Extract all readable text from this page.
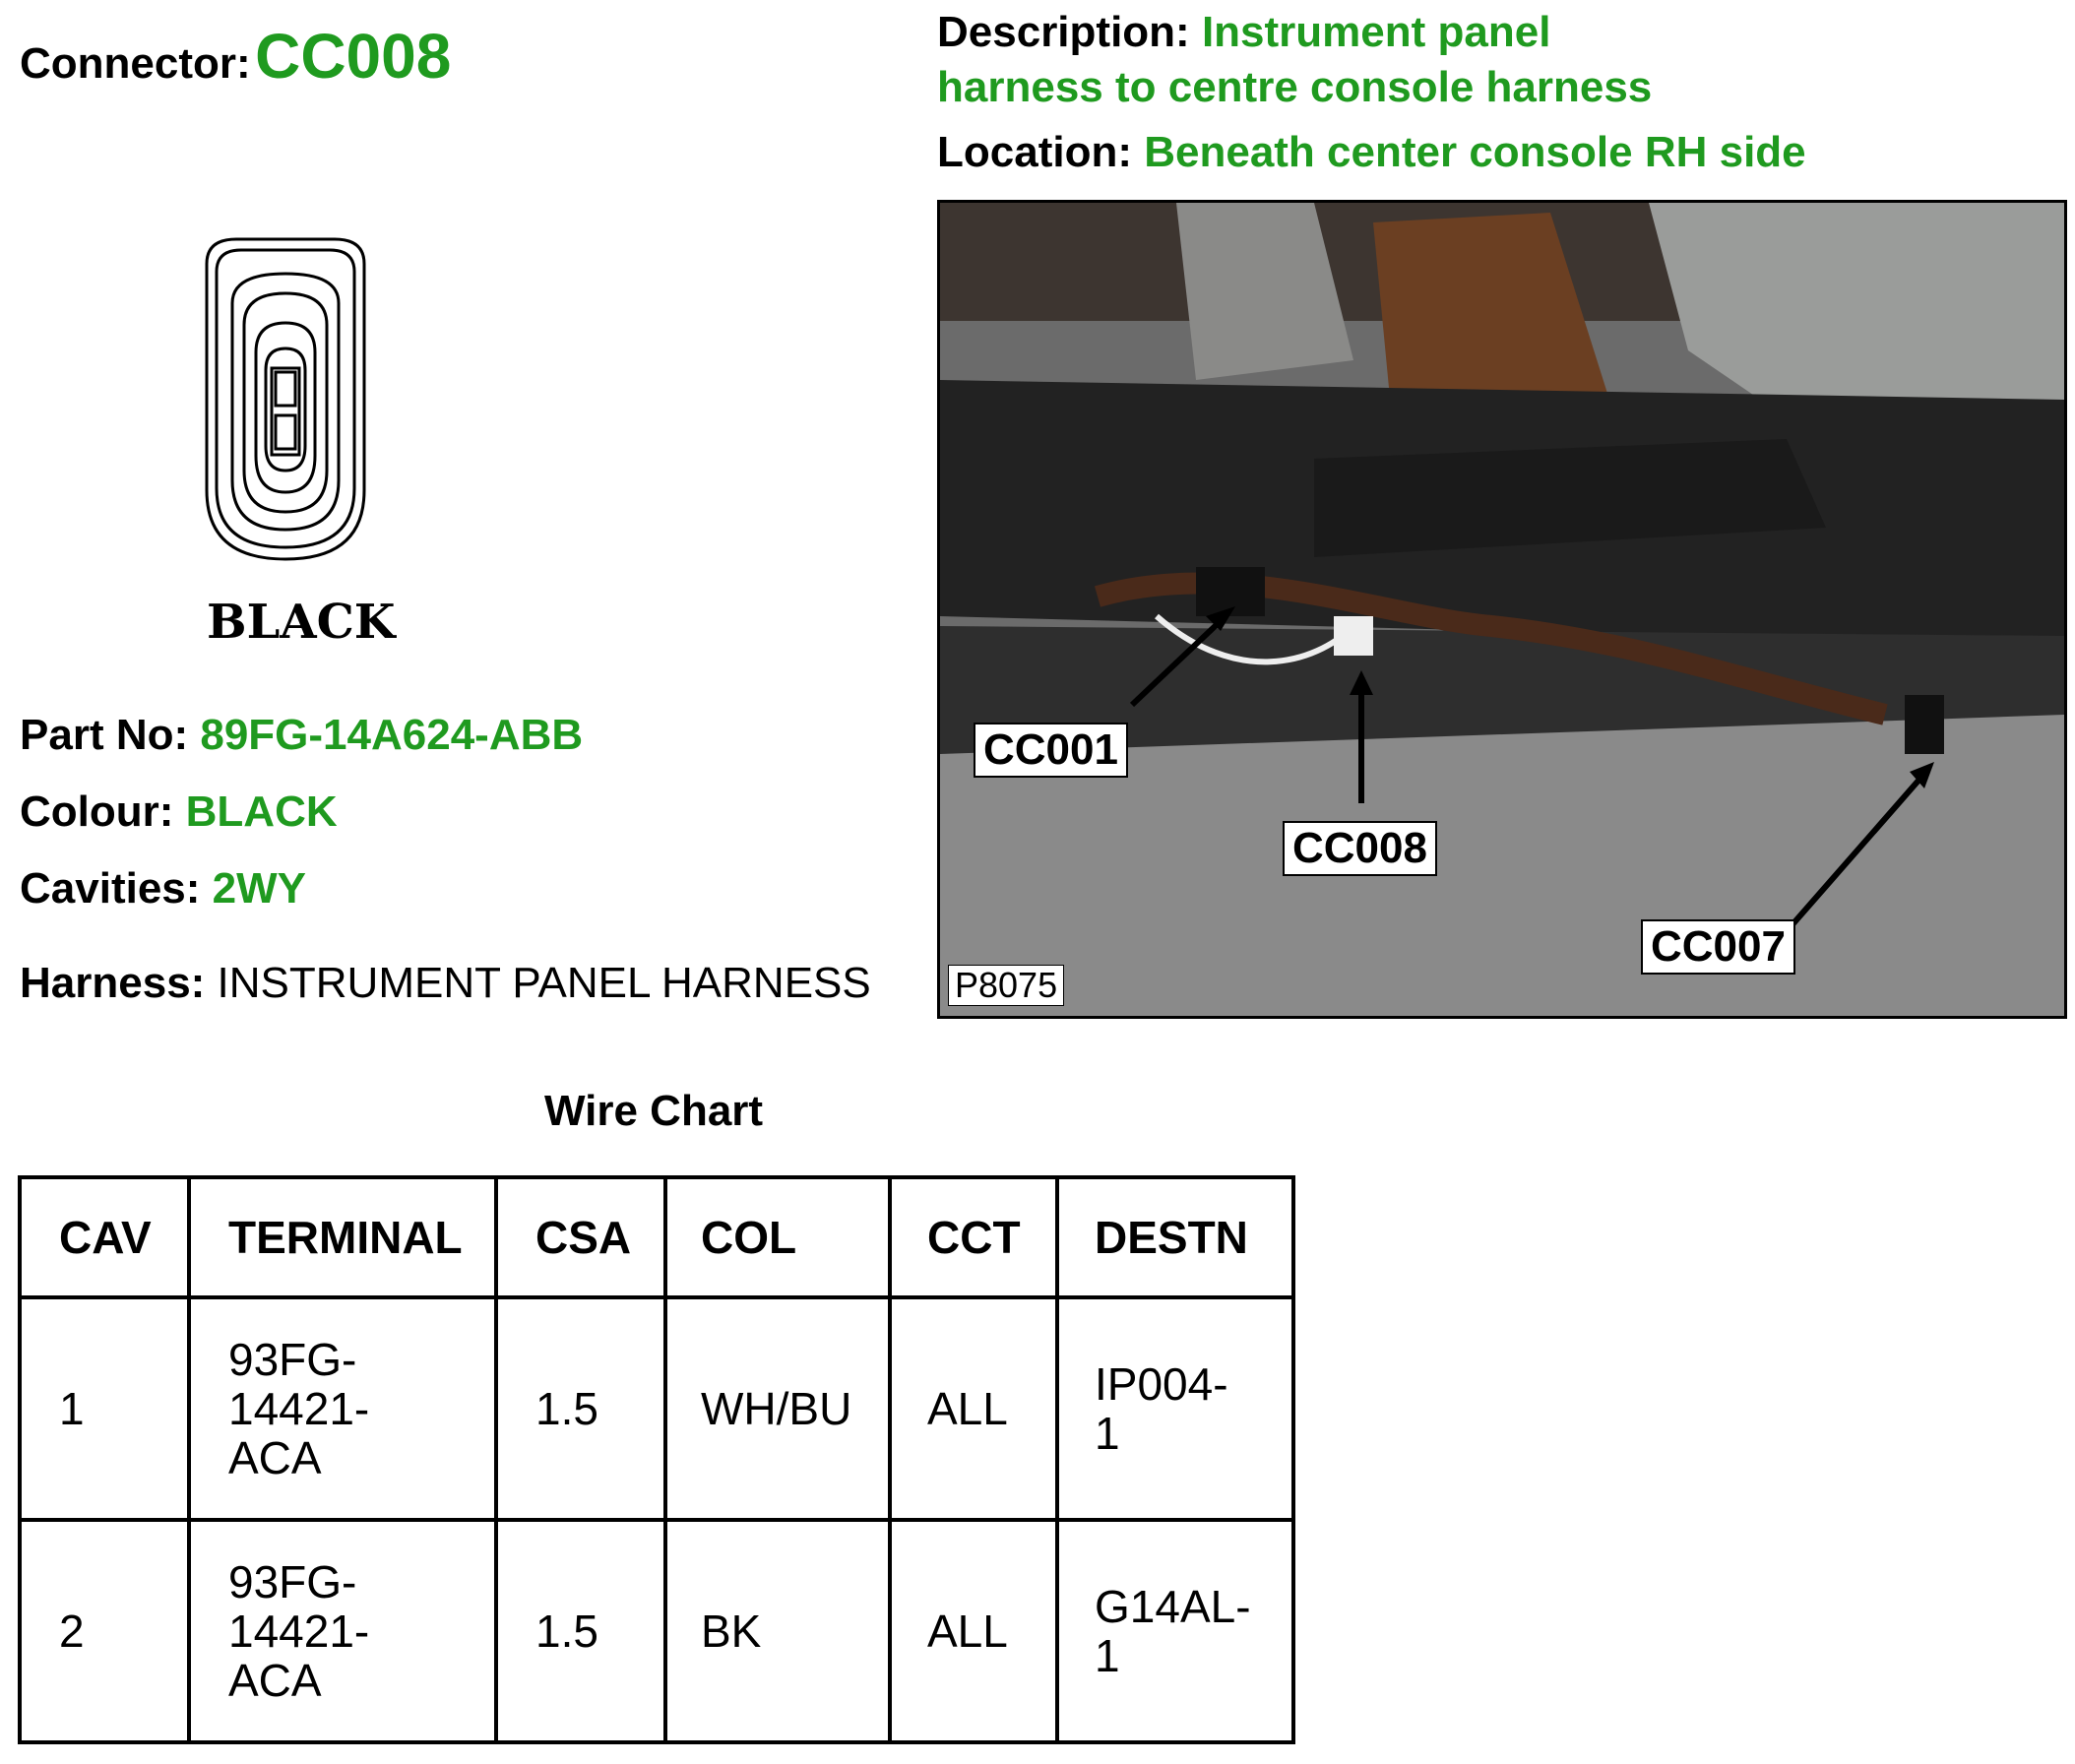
Connector: CC008	Description: Instrument panel
harness to centre console harness
Location: Beneath center console RH side
BLACK
Part No: 89FG-14A624-ABB
Colour: BLACK
Cavities: 2WY
Harness: INSTRUMENT PANEL HARNESS
CC001
CC008
CC007
P8075
Wire Chart
CAV	TERMINAL	CSA	COL	CCT	DESTN
1	93FG-
14421-
ACA	1.5	WH/BU	ALL	IP004-
1
2	93FG-
14421-
ACA	1.5	BK	ALL	G14AL-
1
